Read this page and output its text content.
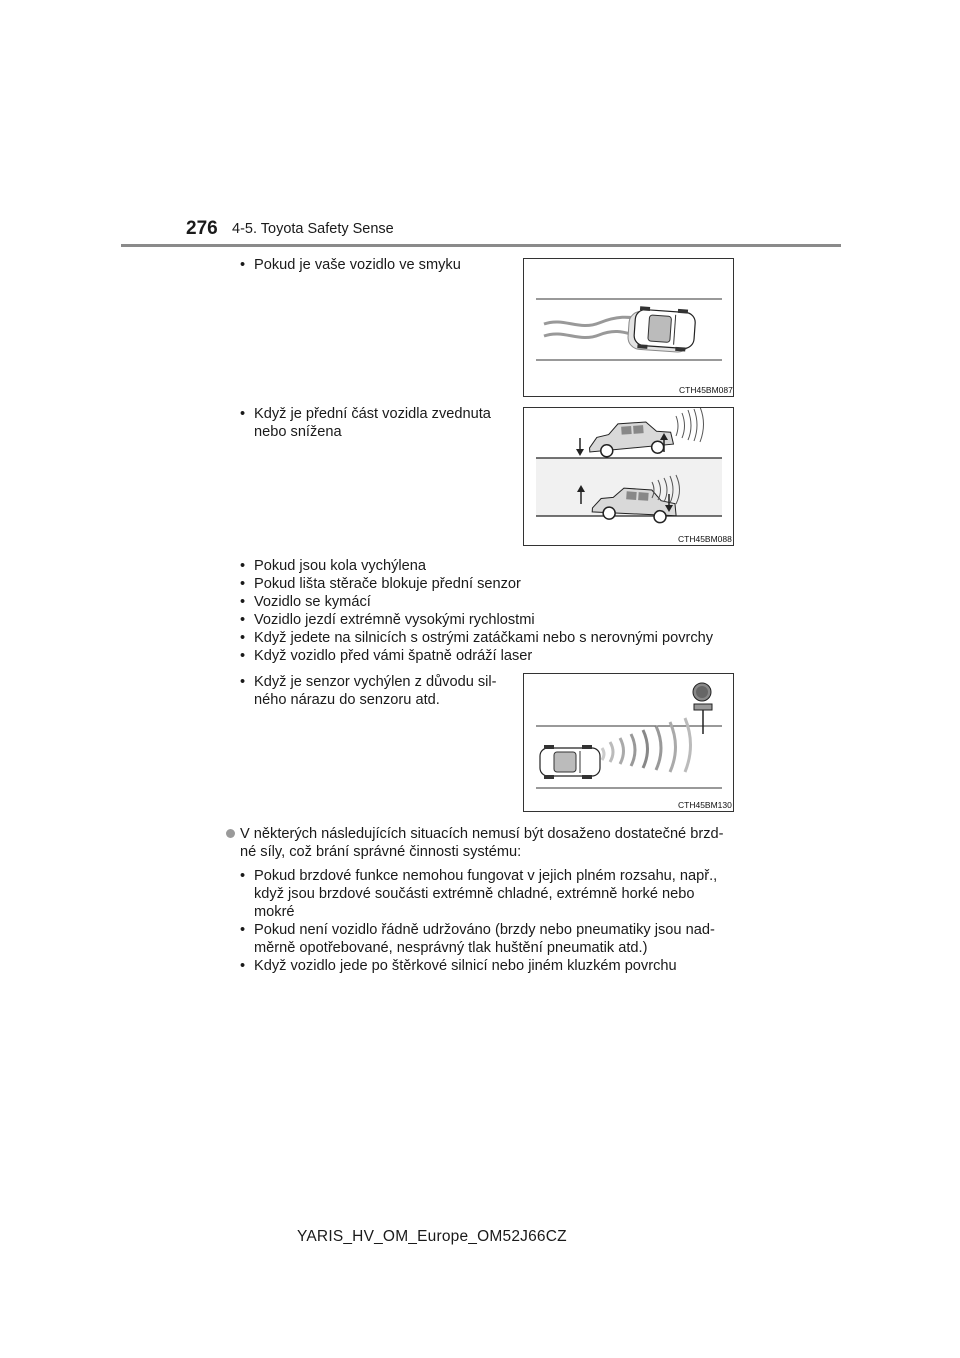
276 4-5. Toyota Safety Sense
• Pokud je vaše vozidlo ve smyku
• Když je přední část vozidla zvednuta
nebo snížena
CTH45BM087
CTH45BM088
• Pokud jsou kola vychýlena
• Pokud lišta stěrače blokuje přední senzor
• Vozidlo se kymácí
• Vozidlo jezdí extrémně vysokými rychlostmi
• Když jedete na silnicích s ostrými zatáčkami nebo s nerovnými povrchy
• Když vozidlo před vámi špatně odráží laser
• Když je senzor vychýlen z důvodu sil-
ného nárazu do senzoru atd.
CTH45BM130
V některých následujících situacích nemusí být dosaženo dostatečné brzd-
né síly, což brání správné činnosti systému:
• Pokud brzdové funkce nemohou fungovat v jejich plném rozsahu, např.,
když jsou brzdové součásti extrémně chladné, extrémně horké nebo
mokré
• Pokud není vozidlo řádně udržováno (brzdy nebo pneumatiky jsou nad-
měrně opotřebované, nesprávný tlak huštění pneumatik atd.)
• Když vozidlo jede po štěrkové silnicí nebo jiném kluzkém povrchu
YARIS_HV_OM_Europe_OM52J66CZ
